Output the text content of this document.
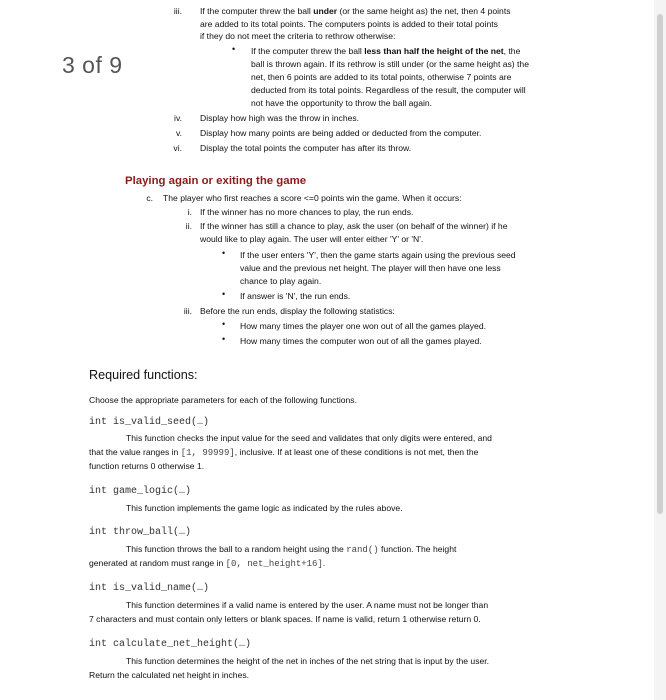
3 of 9
iii. If the computer threw the ball under (or the same height as) the net, then 4 points
are added to its total points. The computers points is added to their total points
if they do not meet the criteria to rethrow otherwise:
• If the computer threw the ball less than half the height of the net, the
ball is thrown again. If its rethrow is still under (or the same height as) the
net, then 6 points are added to its total points, otherwise 7 points are
deducted from its total points. Regardless of the result, the computer will
not have the opportunity to throw the ball again.
iv. Display how high was the throw in inches.
v. Display how many points are being added or deducted from the computer.
vi. Display the total points the computer has after its throw.
Playing again or exiting the game
c. The player who first reaches a score <=0 points win the game. When it occurs:
i. If the winner has no more chances to play, the run ends.
ii. If the winner has still a chance to play, ask the user (on behalf of the winner) if he
would like to play again. The user will enter either 'Y' or 'N'.
• If the user enters 'Y', then the game starts again using the previous seed
value and the previous net height. The player will then have one less
chance to play again.
• If answer is 'N', the run ends.
iii. Before the run ends, display the following statistics:
• How many times the player one won out of all the games played.
• How many times the computer won out of all the games played.
Required functions:
Choose the appropriate parameters for each of the following functions.
int is_valid_seed(…)
This function checks the input value for the seed and validates that only digits were entered, and
that the value ranges in [1, 99999], inclusive. If at least one of these conditions is not met, then the
function returns 0 otherwise 1.
int game_logic(…)
This function implements the game logic as indicated by the rules above.
int throw_ball(…)
This function throws the ball to a random height using the rand() function. The height
generated at random must range in [0, net_height+16].
int is_valid_name(…)
This function determines if a valid name is entered by the user. A name must not be longer than
7 characters and must contain only letters or blank spaces. If name is valid, return 1 otherwise return 0.
int calculate_net_height(…)
This function determines the height of the net in inches of the net string that is input by the user.
Return the calculated net height in inches.
